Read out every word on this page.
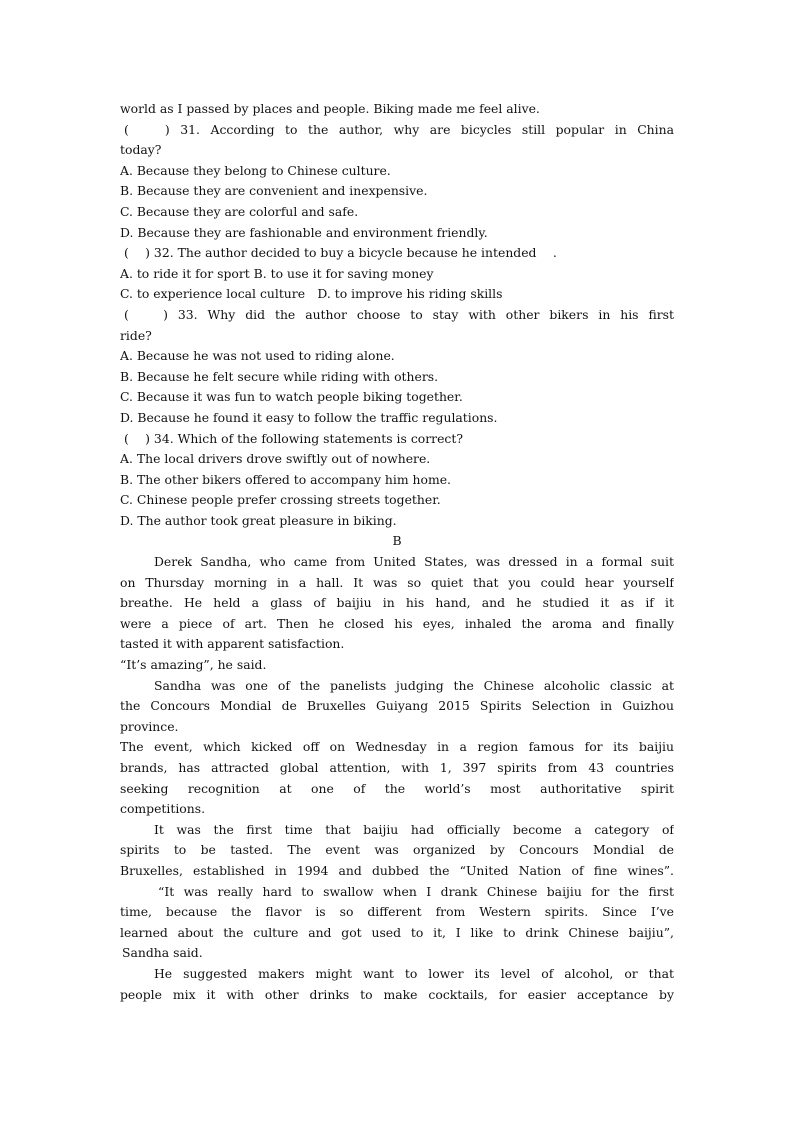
world as I passed by places and people. Biking made me feel alive.
(　 ) 31. According to the author, why are bicycles still popular in China
today?
A. Because they belong to Chinese culture.
B. Because they are convenient and inexpensive.
C. Because they are colorful and safe.
D. Because they are fashionable and environment friendly.
(　 ) 32. The author decided to buy a bicycle because he intended　 .
A. to ride it for sport B. to use it for saving money
C. to experience local culture　D. to improve his riding skills
(　 ) 33. Why did the author choose to stay with other bikers in his first
ride?
A. Because he was not used to riding alone.
B. Because he felt secure while riding with others.
C. Because it was fun to watch people biking together.
D. Because he found it easy to follow the traffic regulations.
(　 ) 34. Which of the following statements is correct?
A. The local drivers drove swiftly out of nowhere.
B. The other bikers offered to accompany him home.
C. Chinese people prefer crossing streets together.
D. The author took great pleasure in biking.
B
Derek Sandha, who came from United States, was dressed in a formal suit
on Thursday morning in a hall. It was so quiet that you could hear yourself
breathe. He held a glass of baijiu in his hand, and he studied it as if it
were a piece of art. Then he closed his eyes, inhaled the aroma and finally
tasted it with apparent satisfaction.
“It’s amazing”, he said.
Sandha was one of the panelists judging the Chinese alcoholic classic at
the Concours Mondial de Bruxelles Guiyang 2015 Spirits Selection in Guizhou
province.
The event, which kicked off on Wednesday in a region famous for its baijiu
brands, has attracted global attention, with 1, 397 spirits from 43 countries
seeking recognition at one of the world’s most authoritative spirit
competitions.
It was the first time that baijiu had officially become a category of
spirits to be tasted. The event was organized by Concours Mondial de
Bruxelles, established in 1994 and dubbed the “United Nation of fine wines”.
“It was really hard to swallow when I drank Chinese baijiu for the first
time, because the flavor is so different from Western spirits. Since I’ve
learned about the culture and got used to it, I like to drink Chinese baijiu”,
Sandha said.
He suggested makers might want to lower its level of alcohol, or that
people mix it with other drinks to make cocktails, for easier acceptance by
